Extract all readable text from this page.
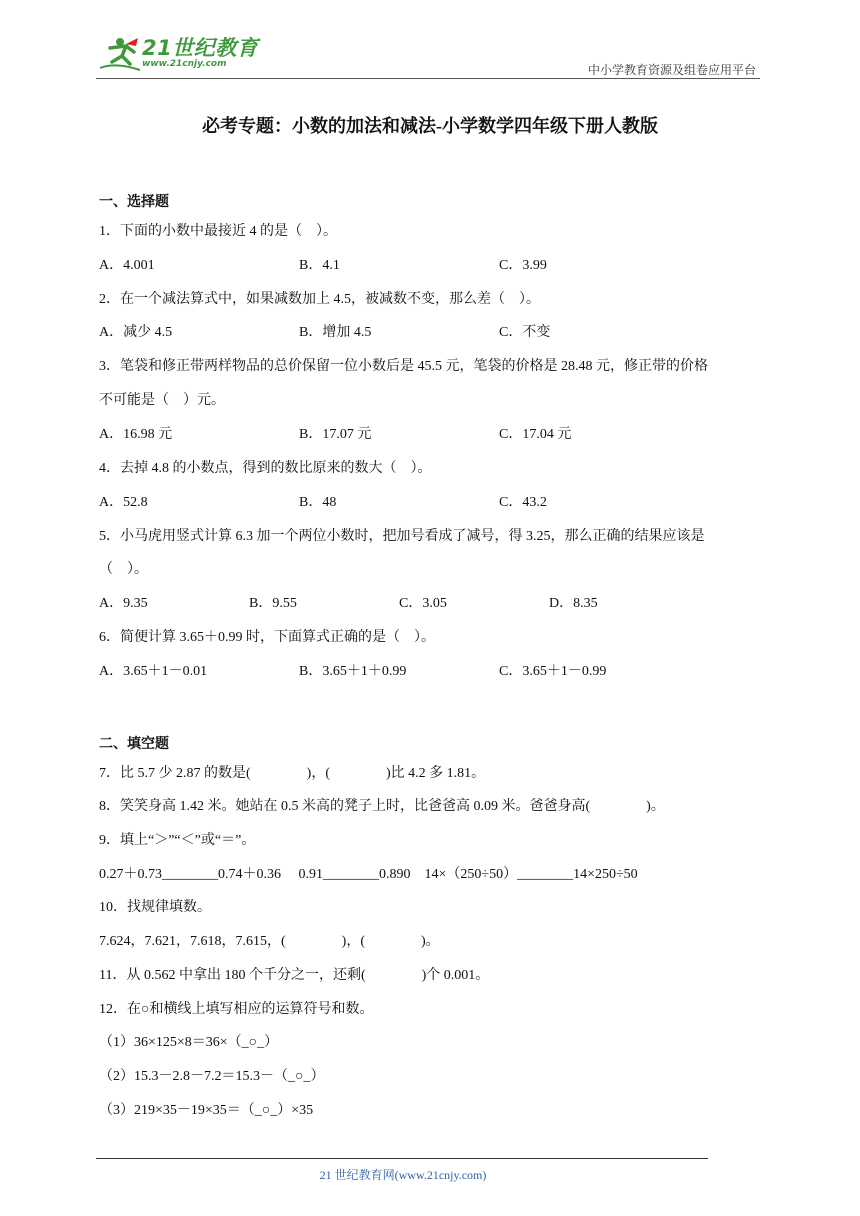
21世纪教育
www.21cnjy.com	中小学教育资源及组卷应用平台
必考专题：小数的加法和减法-小学数学四年级下册人教版
一、选择题
1．下面的小数中最接近 4 的是（　）。
A．4.001	B．4.1	C．3.99
2．在一个减法算式中，如果减数加上 4.5，被减数不变，那么差（　）。
A．减少 4.5	B．增加 4.5	C．不变
3．笔袋和修正带两样物品的总价保留一位小数后是 45.5 元，笔袋的价格是 28.48 元，修正带的价格
不可能是（　）元。
A．16.98 元	B．17.07 元	C．17.04 元
4．去掉 4.8 的小数点，得到的数比原来的数大（　）。
A．52.8	B．48	C．43.2
5．小马虎用竖式计算 6.3 加一个两位小数时，把加号看成了减号，得 3.25，那么正确的结果应该是
（　）。
A．9.35	B．9.55	C．3.05	D．8.35
6．简便计算 3.65＋0.99 时，下面算式正确的是（　）。
A．3.65＋1－0.01	B．3.65＋1＋0.99	C．3.65＋1－0.99
二、填空题
7．比 5.7 少 2.87 的数是(　　　　)，(　　　　)比 4.2 多 1.81。
8．笑笑身高 1.42 米。她站在 0.5 米高的凳子上时，比爸爸高 0.09 米。爸爸身高(　　　　)。
9．填上“＞”“＜”或“＝”。
0.27＋0.73________0.74＋0.36　 0.91________0.890　14×（250÷50）________14×250÷50
10．找规律填数。
7.624，7.621，7.618，7.615，(　　　　)，(　　　　)。
11．从 0.562 中拿出 180 个千分之一，还剩(　　　　)个 0.001。
12．在○和横线上填写相应的运算符号和数。
（1）36×125×8＝36×（_○_）
（2）15.3－2.8－7.2＝15.3－（_○_）
（3）219×35－19×35＝（_○_）×35
21 世纪教育网(www.21cnjy.com)
